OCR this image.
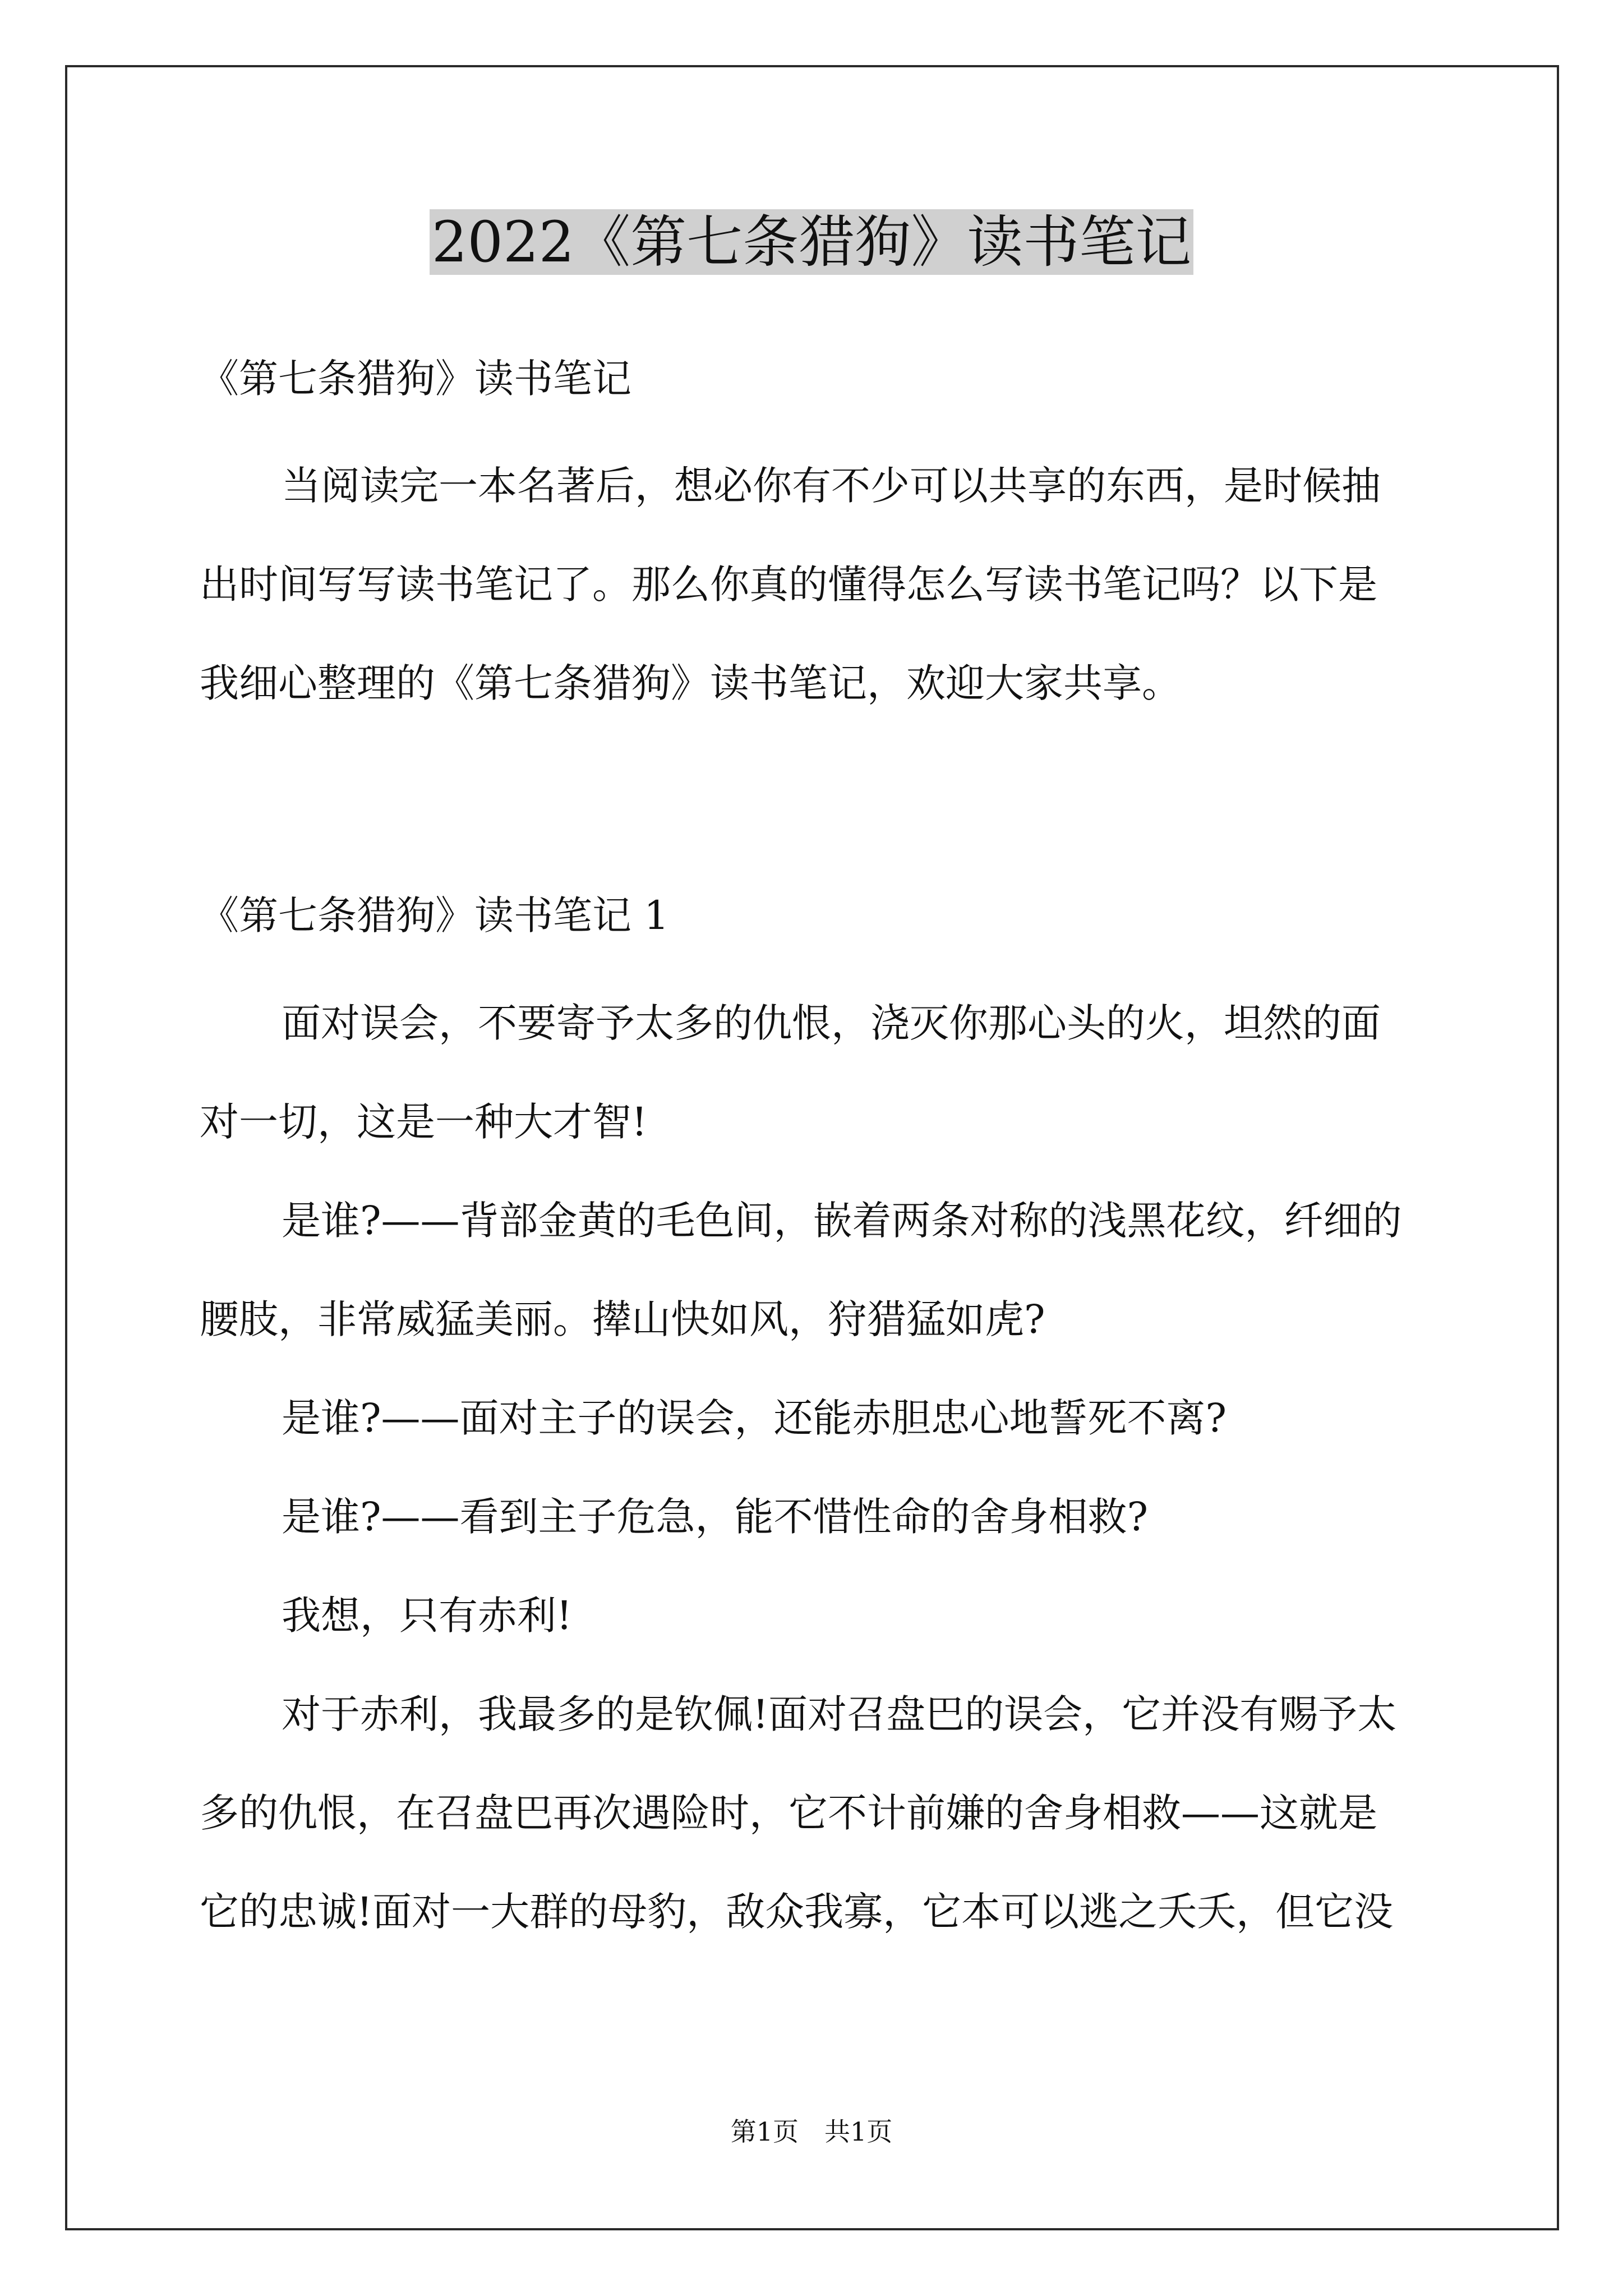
2022《第七条猎狗》读书笔记

《第七条猎狗》读书笔记

当阅读完一本名著后，想必你有不少可以共享的东西，是时候抽
出时间写写读书笔记了。那么你真的懂得怎么写读书笔记吗？以下是
我细心整理的《第七条猎狗》读书笔记，欢迎大家共享。

《第七条猎狗》读书笔记 1

面对误会，不要寄予太多的仇恨，浇灭你那心头的火，坦然的面
对一切，这是一种大才智!
是谁?——背部金黄的毛色间，嵌着两条对称的浅黑花纹，纤细的
腰肢，非常威猛美丽。撵山快如风，狩猎猛如虎?
是谁?——面对主子的误会，还能赤胆忠心地誓死不离?
是谁?——看到主子危急，能不惜性命的舍身相救?
我想，只有赤利!
对于赤利，我最多的是钦佩!面对召盘巴的误会，它并没有赐予太
多的仇恨，在召盘巴再次遇险时，它不计前嫌的舍身相救——这就是
它的忠诚!面对一大群的母豹，敌众我寡，它本可以逃之夭夭，但它没
第1页 共1页
